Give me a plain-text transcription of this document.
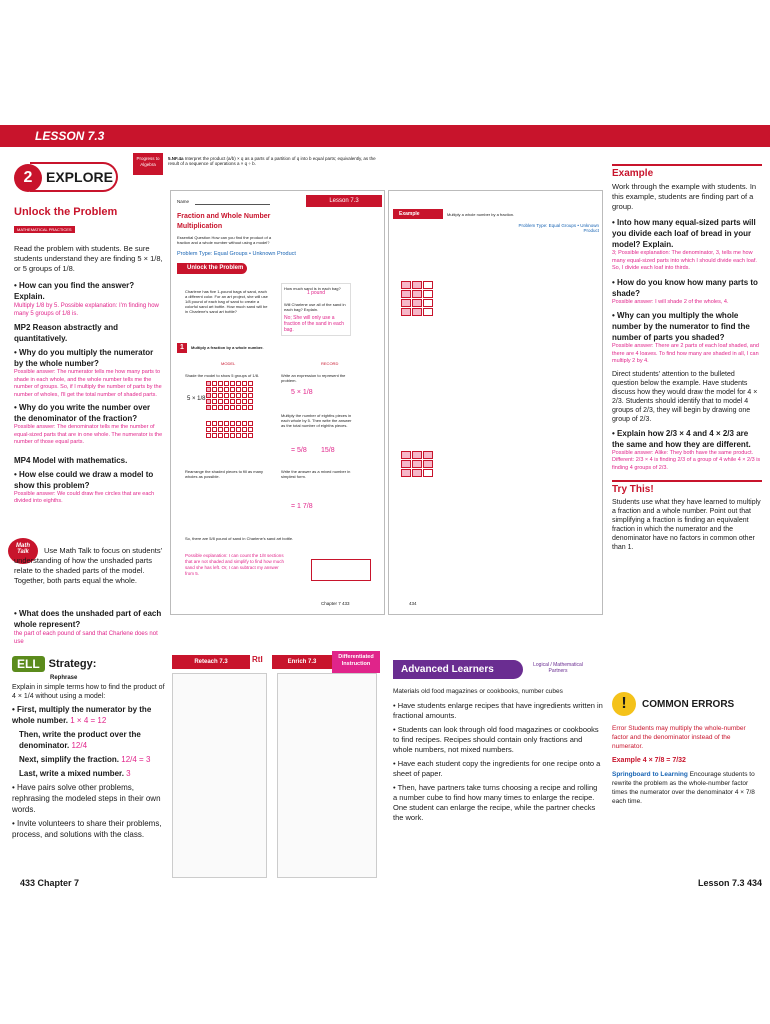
LESSON 7.3
2 EXPLORE
Progress to Algebra
5.NF.4a Interpret the product (a/b) × q as a parts of a partition of q into b equal parts; equivalently, as the result of a sequence of operations a × q ÷ b.
Unlock the Problem
MATHEMATICAL PRACTICES
Read the problem with students. Be sure students understand they are finding 5 × 1/8, or 5 groups of 1/8.
• How can you find the answer? Explain.
Multiply 1/8 by 5. Possible explanation: I'm finding how many 5 groups of 1/8 is.
MP2 Reason abstractly and quantitatively.
• Why do you multiply the numerator by the whole number?
Possible answer: The numerator tells me how many parts to shade in each whole, and the whole number tells me the number of groups. So, if I multiply the number of parts by the number of wholes, I'll get the total number of shaded parts.
• Why do you write the number over the denominator of the fraction?
Possible answer: The denominator tells me the number of equal-sized parts that are in one whole. The numerator is the number of those equal parts.
MP4 Model with mathematics.
• How else could we draw a model to show this problem?
Possible answer: We could draw five circles that are each divided into eighths.
Math
Talk	Use Math Talk to focus on students' understanding of how the unshaded parts relate to the shaded parts of the model. Together, both parts equal the whole.
• What does the unshaded part of each whole represent?
the part of each pound of sand that Charlene does not use
Name	Lesson 7.3
Fraction and Whole Number
Multiplication
Essential Question How can you find the product of a fraction and a whole number without using a model?
Problem Type: Equal Groups • Unknown Product
Unlock the Problem
Charlene has five 1-pound bags of sand, each a different color. For an art project, she will use 1/8 pound of each bag of sand to create a colorful sand art bottle. How much sand will be in Charlene's sand art bottle?
How much sand is in each bag?
1 pound
Will Charlene use all of the sand in each bag? Explain.
No; She will only use a fraction of the sand in each bag.
1	Multiply a fraction by a whole number.
MODEL	RECORD
Shade the model to show 5 groups of 1/8.	Write an expression to represent the problem.
5 × 1/8
5 × 1/8
Multiply the number of eighths pieces in each whole by 5. Then write the answer as the total number of eighths pieces.
= 5/8 15/8
Rearrange the shaded pieces to fill as many wholes as possible.
Write the answer as a mixed number in simplest form.
= 1 7/8
So, there are 5/8 pound of sand in Charlene's sand art bottle.
Possible explanation: I can count the 1/8 sections that are not shaded and simplify to find how much sand she has left. Or, I can subtract my answer from 5.
Chapter 7 433
Example	Multiply a whole number by a fraction.
Problem Type: Equal Groups • Unknown Product
434
Example
Work through the example with students. In this example, students are finding part of a group.
• Into how many equal-sized parts will you divide each loaf of bread in your model? Explain.
3; Possible explanation: The denominator, 3, tells me how many equal-sized parts into which I should divide each loaf. So, I divide each loaf into thirds.
• How do you know how many parts to shade?
Possible answer: I will shade 2 of the wholes, 4.
• Why can you multiply the whole number by the numerator to find the number of parts you shaded?
Possible answer: There are 2 parts of each loaf shaded, and there are 4 loaves. To find how many are shaded in all, I can multiply 2 by 4.
Direct students' attention to the bulleted question below the example. Have students discuss how they would draw the model for 4 × 2/3. Students should identify that to model 4 groups of 2/3, they will begin by drawing one group of 2/3.
• Explain how 2/3 × 4 and 4 × 2/3 are the same and how they are different.
Possible answer: Alike: They both have the same product. Different: 2/3 × 4 is finding 2/3 of a group of 4 while 4 × 2/3 is finding 4 groups of 2/3.
Try This!
Students use what they have learned to multiply a fraction and a whole number. Point out that simplifying a fraction is finding an equivalent fraction in which the numerator and the denominator have no factors in common other than 1.
!	COMMON ERRORS
Error Students may multiply the whole-number factor and the denominator instead of the numerator.
Example 4 × 7/8 = 7/32
Springboard to Learning Encourage students to rewrite the problem as the whole-number factor times the numerator over the denominator 4 × 7/8 each time.
ELL Strategy:
Rephrase
Explain in simple terms how to find the product of 4 × 1/4 without using a model:
• First, multiply the numerator by the whole number. 1 × 4 = 12
Then, write the product over the denominator. 12/4
Next, simplify the fraction. 12/4 = 3
Last, write a mixed number. 3
• Have pairs solve other problems, rephrasing the modeled steps in their own words.
• Invite volunteers to share their problems, process, and solutions with the class.
Reteach 7.3	RtI	Enrich 7.3
Differentiated Instruction	Advanced Learners	Logical / Mathematical Partners
Materials old food magazines or cookbooks, number cubes
• Have students enlarge recipes that have ingredients written in fractional amounts.
• Students can look through old food magazines or cookbooks to find recipes. Recipes should contain only fractions and whole numbers, not mixed numbers.
• Have each student copy the ingredients for one recipe onto a sheet of paper.
• Then, have partners take turns choosing a recipe and rolling a number cube to find how many times to enlarge the recipe. One student can enlarge the recipe, while the partner checks the work.
433 Chapter 7	Lesson 7.3 434
